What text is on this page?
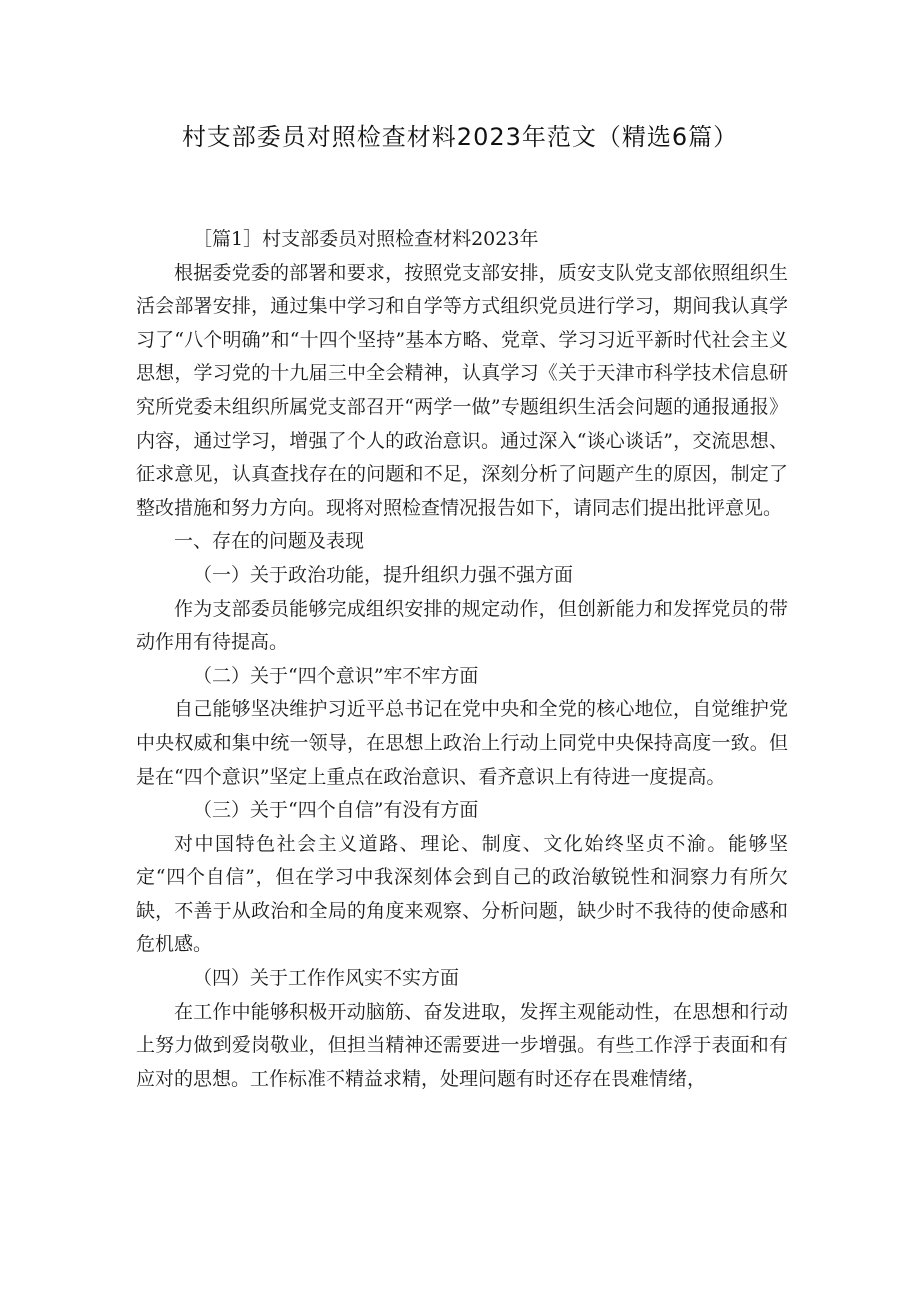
村支部委员对照检查材料2023年范文（精选6篇）

［篇1］村支部委员对照检查材料2023年

根据委党委的部署和要求，按照党支部安排，质安支队党支部依照组织生活会部署安排，通过集中学习和自学等方式组织党员进行学习，期间我认真学习了“八个明确”和“十四个坚持”基本方略、党章、学习习近平新时代社会主义思想，学习党的十九届三中全会精神，认真学习《关于天津市科学技术信息研究所党委未组织所属党支部召开“两学一做”专题组织生活会问题的通报通报》内容，通过学习，增强了个人的政治意识。通过深入“谈心谈话”，交流思想、征求意见，认真查找存在的问题和不足，深刻分析了问题产生的原因，制定了整改措施和努力方向。现将对照检查情况报告如下，请同志们提出批评意见。

一、存在的问题及表现

（一）关于政治功能，提升组织力强不强方面

作为支部委员能够完成组织安排的规定动作，但创新能力和发挥党员的带动作用有待提高。

（二）关于“四个意识”牢不牢方面

自己能够坚决维护习近平总书记在党中央和全党的核心地位，自觉维护党中央权威和集中统一领导，在思想上政治上行动上同党中央保持高度一致。但是在“四个意识”坚定上重点在政治意识、看齐意识上有待进一度提高。

（三）关于“四个自信”有没有方面

对中国特色社会主义道路、理论、制度、文化始终坚贞不渝。能够坚定“四个自信”，但在学习中我深刻体会到自己的政治敏锐性和洞察力有所欠缺，不善于从政治和全局的角度来观察、分析问题，缺少时不我待的使命感和危机感。

（四）关于工作作风实不实方面

在工作中能够积极开动脑筋、奋发进取，发挥主观能动性，在思想和行动上努力做到爱岗敬业，但担当精神还需要进一步增强。有些工作浮于表面和有应对的思想。工作标准不精益求精，处理问题有时还存在畏难情绪，
